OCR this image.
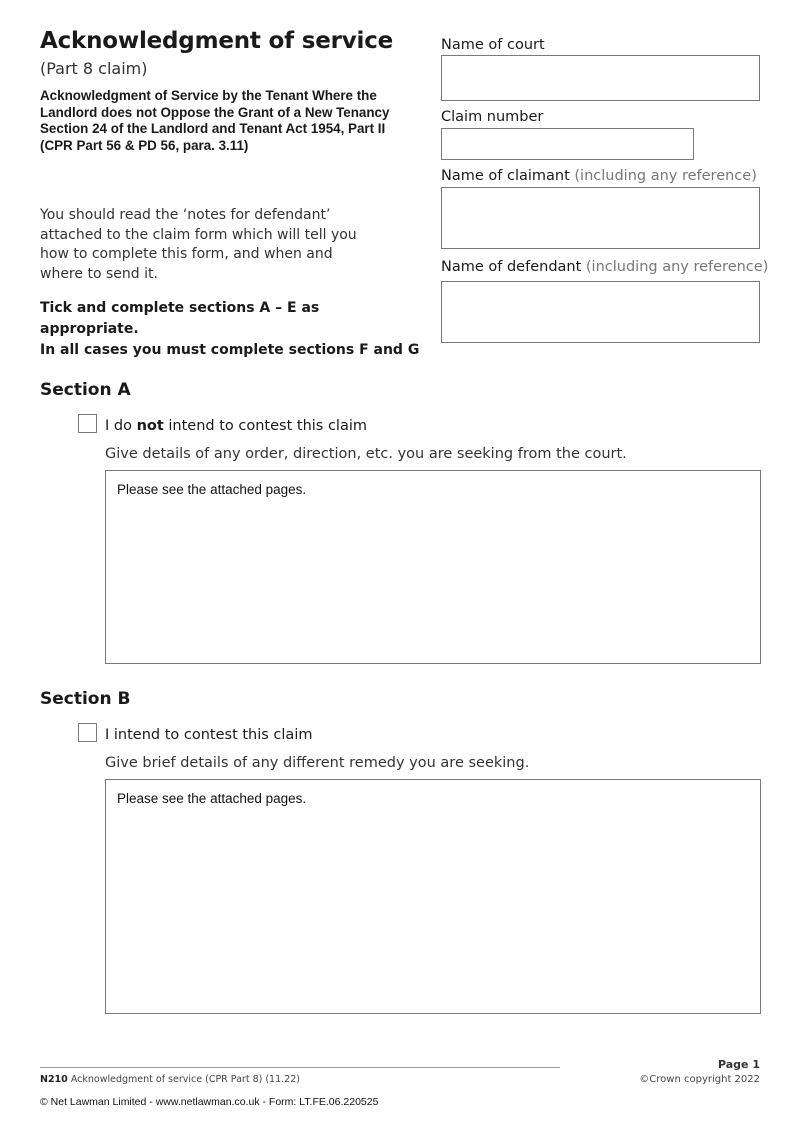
Acknowledgment of service
(Part 8 claim)
Acknowledgment of Service by the Tenant Where the
Landlord does not Oppose the Grant of a New Tenancy
Section 24 of the Landlord and Tenant Act 1954, Part II
(CPR Part 56 & PD 56, para. 3.11)
You should read the ‘notes for defendant’
attached to the claim form which will tell you
how to complete this form, and when and
where to send it.
Tick and complete sections A – E as appropriate.
In all cases you must complete sections F and G
Name of court
Claim number
Name of claimant (including any reference)
Name of defendant (including any reference)
Section A
I do not intend to contest this claim
Give details of any order, direction, etc. you are seeking from the court.
Please see the attached pages.
Section B
I intend to contest this claim
Give brief details of any different remedy you are seeking.
Please see the attached pages.
N210 Acknowledgment of service (CPR Part 8) (11.22)
Page 1
©Crown copyright 2022
© Net Lawman Limited - www.netlawman.co.uk - Form: LT.FE.06.220525
